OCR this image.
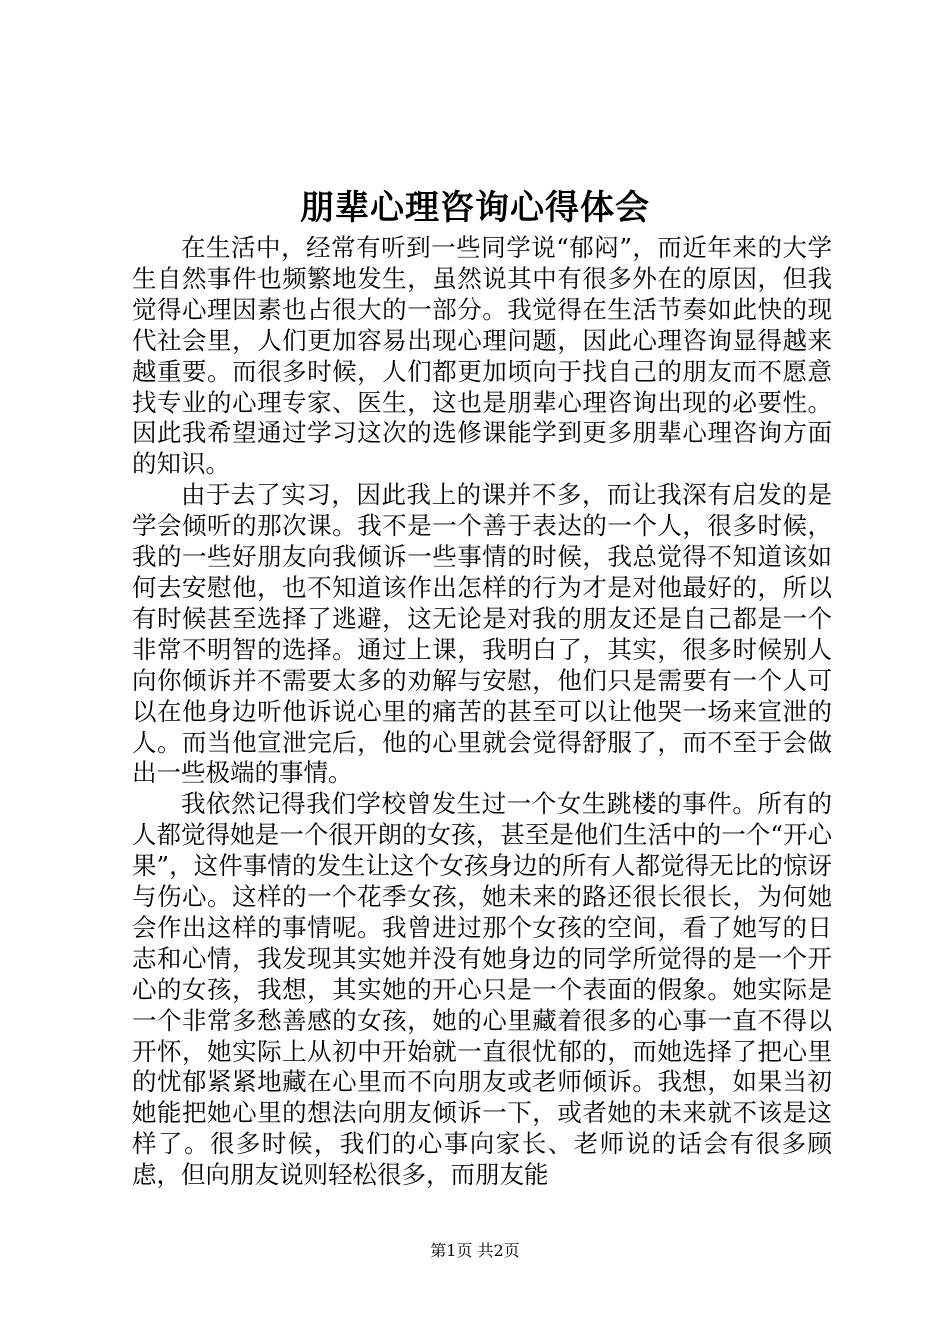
朋辈心理咨询心得体会

在生活中，经常有听到一些同学说“郁闷”，而近年来的大学生自然事件也频繁地发生，虽然说其中有很多外在的原因，但我觉得心理因素也占很大的一部分。我觉得在生活节奏如此快的现代社会里，人们更加容易出现心理问题，因此心理咨询显得越来越重要。而很多时候，人们都更加顷向于找自己的朋友而不愿意找专业的心理专家、医生，这也是朋辈心理咨询出现的必要性。因此我希望通过学习这次的选修课能学到更多朋辈心理咨询方面的知识。

由于去了实习，因此我上的课并不多，而让我深有启发的是学会倾听的那次课。我不是一个善于表达的一个人，很多时候，我的一些好朋友向我倾诉一些事情的时候，我总觉得不知道该如何去安慰他，也不知道该作出怎样的行为才是对他最好的，所以有时候甚至选择了逃避，这无论是对我的朋友还是自己都是一个非常不明智的选择。通过上课，我明白了，其实，很多时候别人向你倾诉并不需要太多的劝解与安慰，他们只是需要有一个人可以在他身边听他诉说心里的痛苦的甚至可以让他哭一场来宣泄的人。而当他宣泄完后，他的心里就会觉得舒服了，而不至于会做出一些极端的事情。

我依然记得我们学校曾发生过一个女生跳楼的事件。所有的人都觉得她是一个很开朗的女孩，甚至是他们生活中的一个“开心果”，这件事情的发生让这个女孩身边的所有人都觉得无比的惊讶与伤心。这样的一个花季女孩，她未来的路还很长很长，为何她会作出这样的事情呢。我曾进过那个女孩的空间，看了她写的日志和心情，我发现其实她并没有她身边的同学所觉得的是一个开心的女孩，我想，其实她的开心只是一个表面的假象。她实际是一个非常多愁善感的女孩，她的心里藏着很多的心事一直不得以开怀，她实际上从初中开始就一直很忧郁的，而她选择了把心里的忧郁紧紧地藏在心里而不向朋友或老师倾诉。我想，如果当初她能把她心里的想法向朋友倾诉一下，或者她的未来就不该是这样了。很多时候，我们的心事向家长、老师说的话会有很多顾虑，但向朋友说则轻松很多，而朋友能

第1页 共2页
